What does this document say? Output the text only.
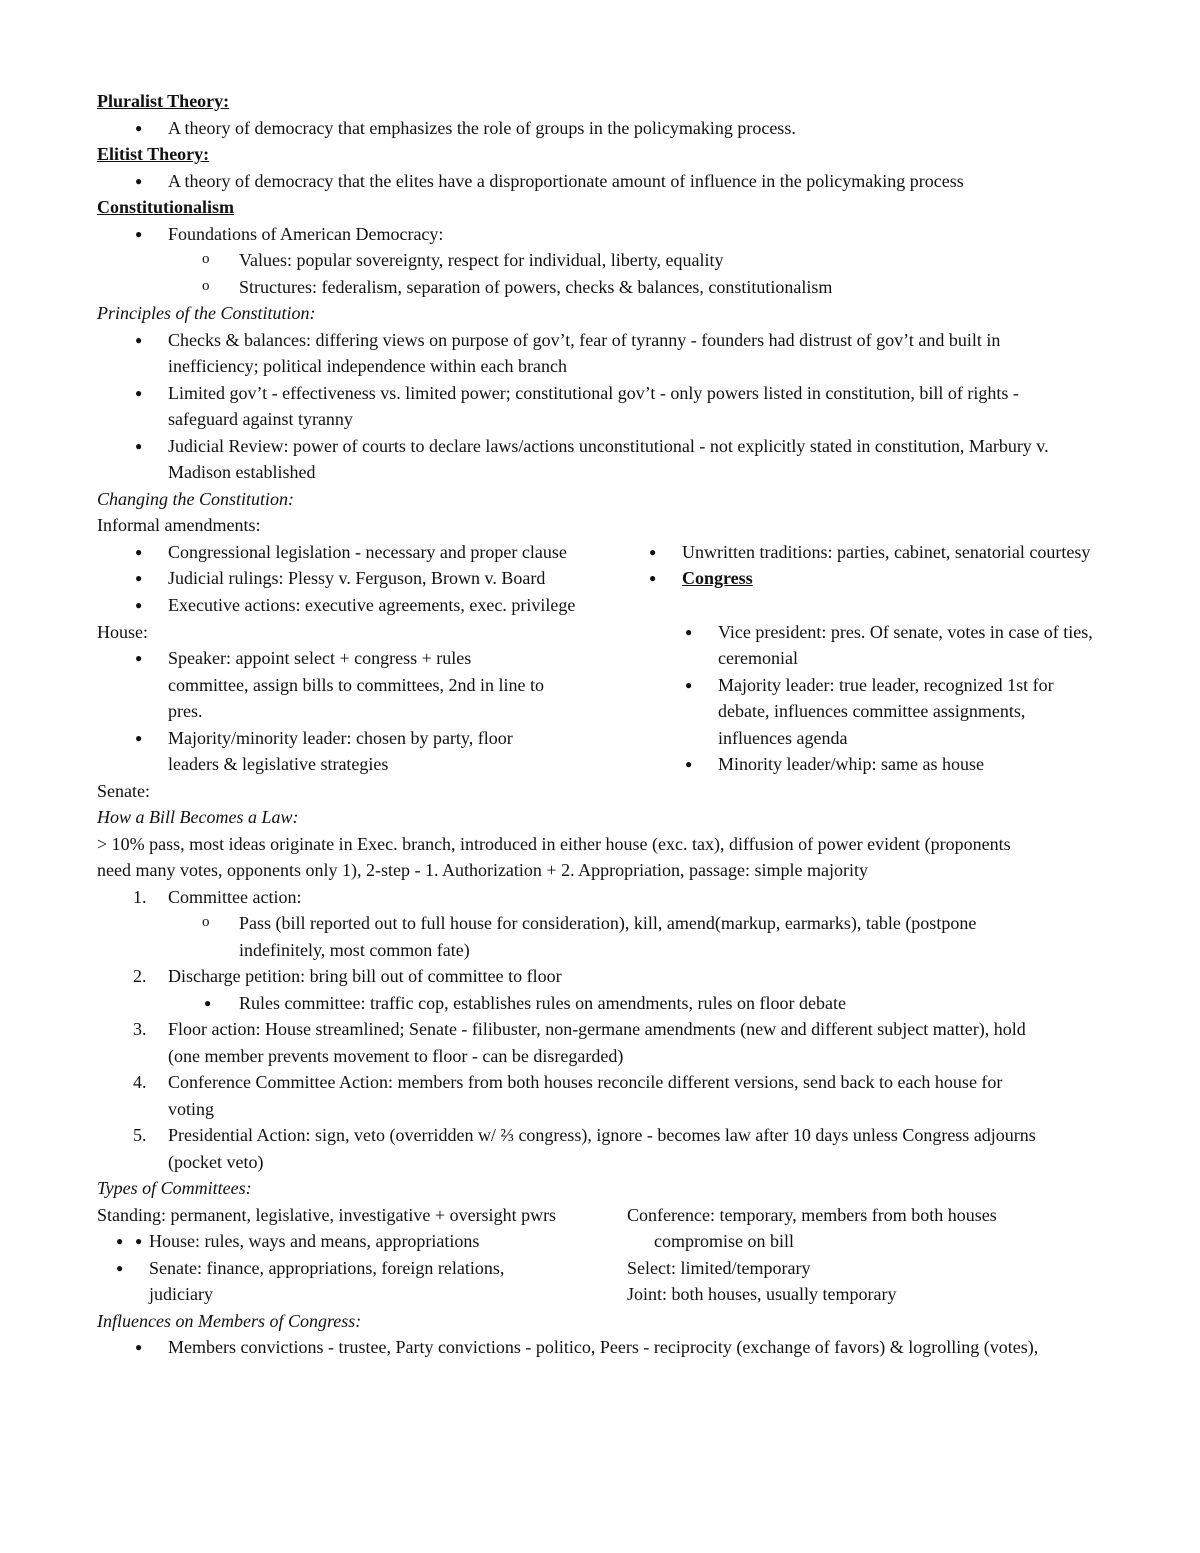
Pluralist Theory:
● A theory of democracy that emphasizes the role of groups in the policymaking process.
Elitist Theory:
● A theory of democracy that the elites have a disproportionate amount of influence in the policymaking process
Constitutionalism
● Foundations of American Democracy:
o Values: popular sovereignty, respect for individual, liberty, equality
o Structures: federalism, separation of powers, checks & balances, constitutionalism
Principles of the Constitution:
● Checks & balances: differing views on purpose of gov’t, fear of tyranny - founders had distrust of gov’t and built in
inefficiency; political independence within each branch
● Limited gov’t - effectiveness vs. limited power; constitutional gov’t - only powers listed in constitution, bill of rights -
safeguard against tyranny
● Judicial Review: power of courts to declare laws/actions unconstitutional - not explicitly stated in constitution, Marbury v.
Madison established
Changing the Constitution:
Informal amendments:
● Congressional legislation - necessary and proper clause
● Judicial rulings: Plessy v. Ferguson, Brown v. Board
● Executive actions: executive agreements, exec. privilege
● Unwritten traditions: parties, cabinet, senatorial courtesy
● Congress
House:
● Speaker: appoint select + congress + rules
committee, assign bills to committees, 2nd in line to
pres.
● Majority/minority leader: chosen by party, floor
leaders & legislative strategies
● Vice president: pres. Of senate, votes in case of ties,
ceremonial
● Majority leader: true leader, recognized 1st for
debate, influences committee assignments,
influences agenda
● Minority leader/whip: same as house
Senate:
How a Bill Becomes a Law:
> 10% pass, most ideas originate in Exec. branch, introduced in either house (exc. tax), diffusion of power evident (proponents
need many votes, opponents only 1), 2-step - 1. Authorization + 2. Appropriation, passage: simple majority
1. Committee action:
o Pass (bill reported out to full house for consideration), kill, amend(markup, earmarks), table (postpone
indefinitely, most common fate)
2. Discharge petition: bring bill out of committee to floor
● Rules committee: traffic cop, establishes rules on amendments, rules on floor debate
3. Floor action: House streamlined; Senate - filibuster, non-germane amendments (new and different subject matter), hold
(one member prevents movement to floor - can be disregarded)
4. Conference Committee Action: members from both houses reconcile different versions, send back to each house for
voting
5. Presidential Action: sign, veto (overridden w/ ⅔ congress), ignore - becomes law after 10 days unless Congress adjourns
(pocket veto)
Types of Committees:
Standing: permanent, legislative, investigative + oversight pwrs
● ● House: rules, ways and means, appropriations
● Senate: finance, appropriations, foreign relations,
judiciary
Conference: temporary, members from both houses
compromise on bill
Select: limited/temporary
Joint: both houses, usually temporary
Influences on Members of Congress:
● Members convictions - trustee, Party convictions - politico, Peers - reciprocity (exchange of favors) & logrolling (votes),
